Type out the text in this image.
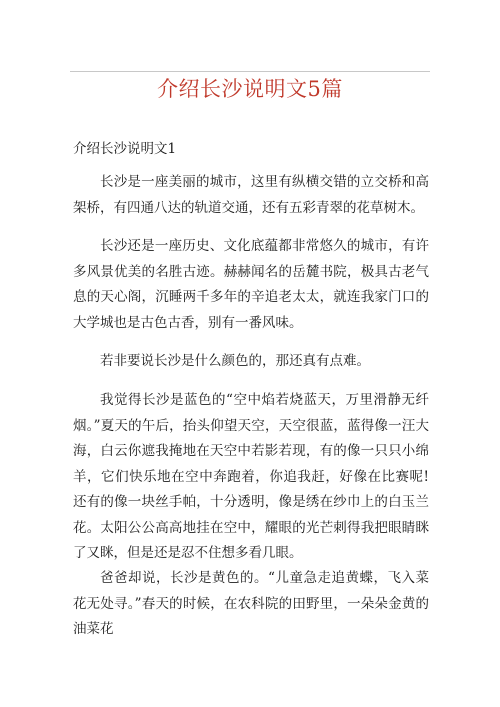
介绍长沙说明文5篇
介绍长沙说明文1

长沙是一座美丽的城市，这里有纵横交错的立交桥和高架桥，有四通八达的轨道交通，还有五彩青翠的花草树木。

长沙还是一座历史、文化底蕴都非常悠久的城市，有许多风景优美的名胜古迹。赫赫闻名的岳麓书院，极具古老气息的天心阁，沉睡两千多年的辛追老太太，就连我家门口的大学城也是古色古香，别有一番风味。

若非要说长沙是什么颜色的，那还真有点难。

我觉得长沙是蓝色的“空中焰若烧蓝天，万里滑静无纤烟。”夏天的午后，抬头仰望天空，天空很蓝，蓝得像一汪大海，白云你遮我掩地在天空中若影若现，有的像一只只小绵羊，它们快乐地在空中奔跑着，你追我赶，好像在比赛呢!还有的像一块丝手帕，十分透明，像是绣在纱巾上的白玉兰花。太阳公公高高地挂在空中，耀眼的光芒刺得我把眼睛眯了又眯，但是还是忍不住想多看几眼。

爸爸却说，长沙是黄色的。“儿童急走追黄蝶，飞入菜花无处寻。”春天的时候，在农科院的田野里，一朵朵金黄的油菜花
